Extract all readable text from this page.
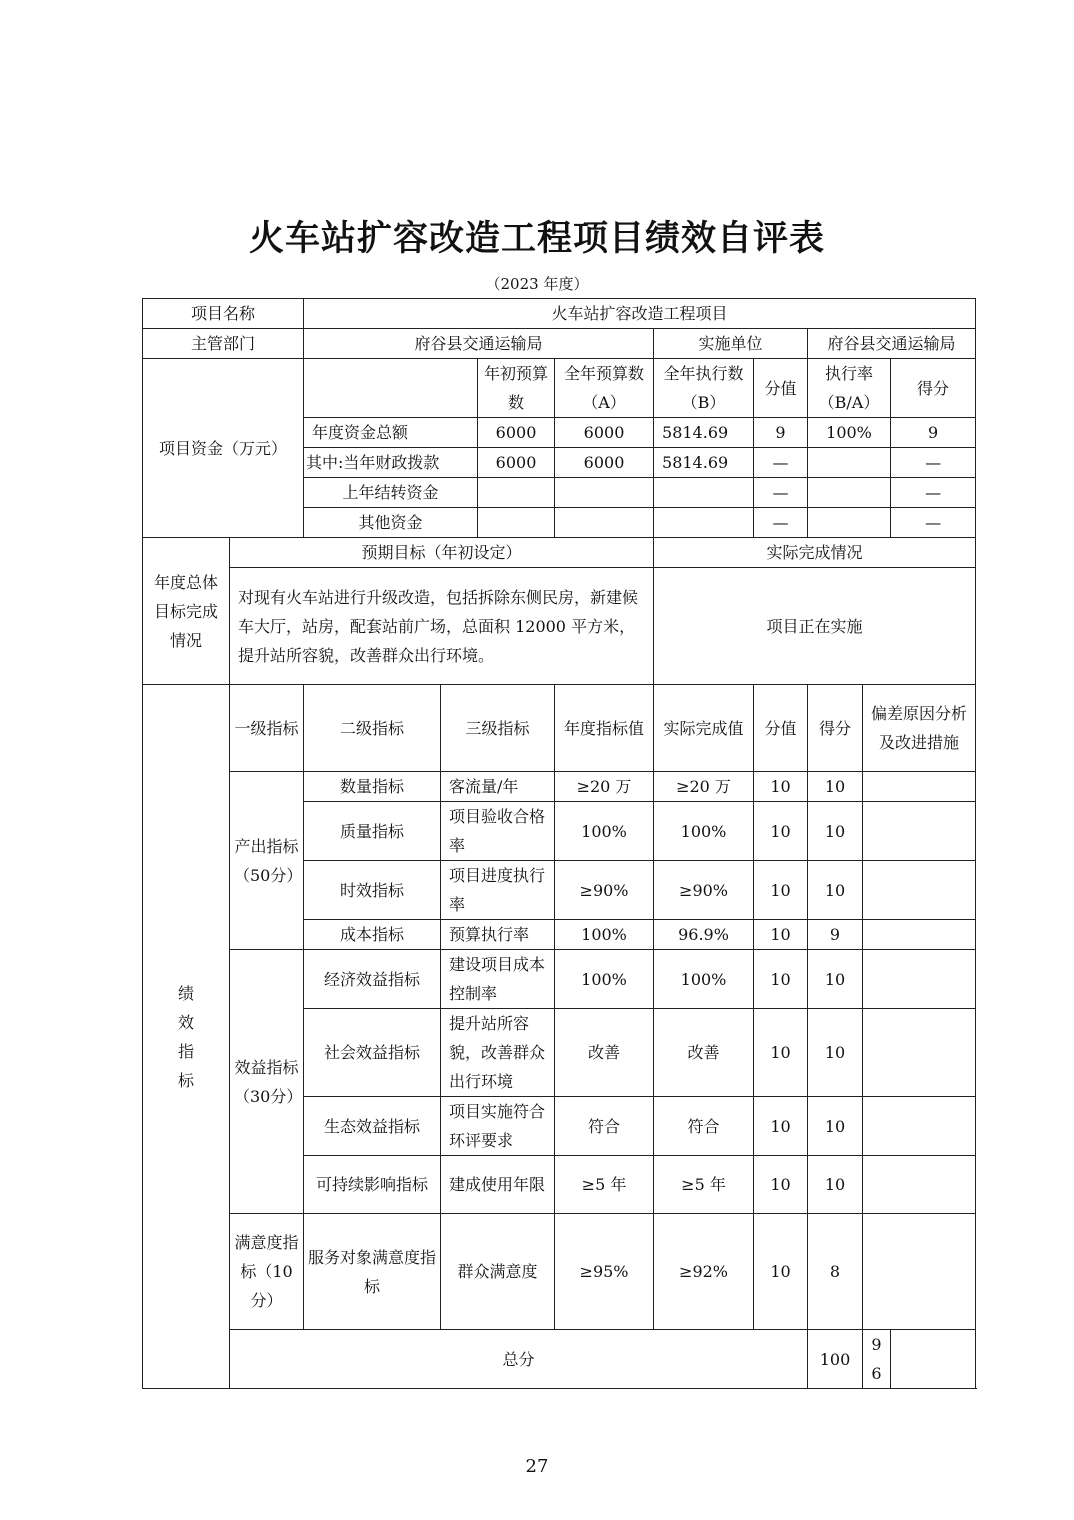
火车站扩容改造工程项目绩效自评表
（2023 年度）
项目名称		火车站扩容改造工程项目								
主管部门		府谷县交通运输局				实施单位		府谷县交通运输局		
项目资金（万元）				年初预算数	全年预算数（A）	全年执行数（B）	分值	执行率（B/A）		得分
		年度资金总额		6000	6000	5814.69	9	100%		9
		其中:当年财政拨款		6000	6000	5814.69	—			—
		上年结转资金					—			—
		其他资金					—			—
年度总体目标完成情况	预期目标（年初设定）					实际完成情况				
	对现有火车站进行升级改造，包括拆除东侧民房，新建候车大厅，站房，配套站前广场，总面积 12000 平方米，提升站所容貌，改善群众出行环境。					项目正在实施				
绩效指标	一级指标	二级指标	三级指标		年度指标值	实际完成值	分值	得分	偏差原因分析及改进措施	
	产出指标（50分）	数量指标	客流量/年		≥20 万	≥20 万	10	10		
		质量指标	项目验收合格率		100%	100%	10	10		
		时效指标	项目进度执行率		≥90%	≥90%	10	10		
		成本指标	预算执行率		100%	96.9%	10	9		
	效益指标（30分）	经济效益指标	建设项目成本控制率		100%	100%	10	10		
		社会效益指标	提升站所容貌，改善群众出行环境		改善	改善	10	10		
		生态效益指标	项目实施符合环评要求		符合	符合	10	10		
		可持续影响指标	建成使用年限		≥5 年	≥5 年	10	10		
	满意度指标（10分）	服务对象满意度指标	群众满意度		≥95%	≥92%	10	8		
	总分							100	96	
27
